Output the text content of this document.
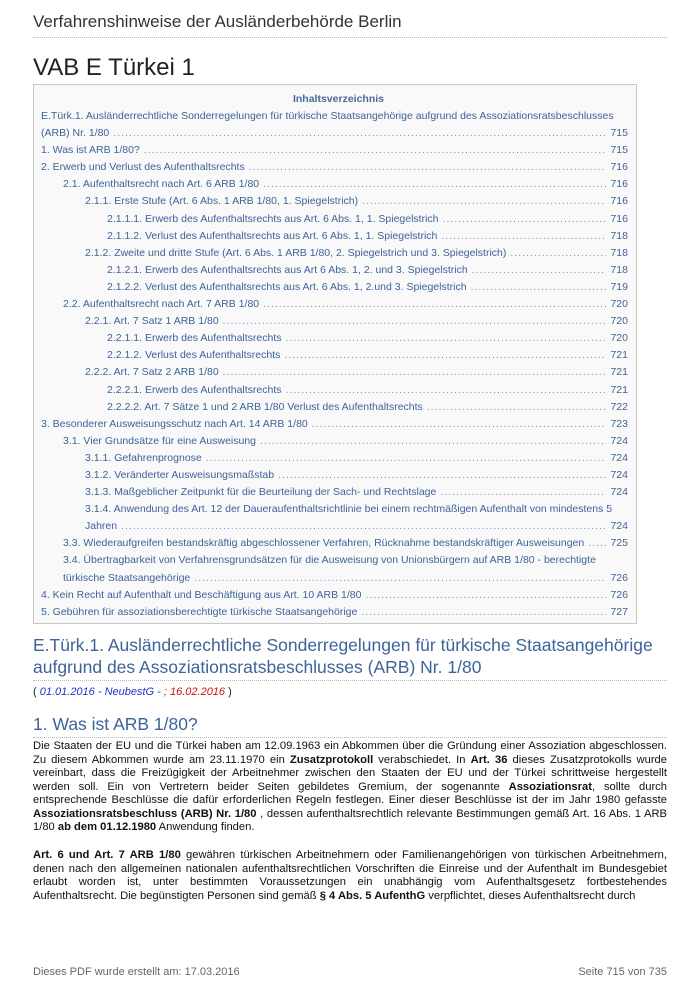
Verfahrenshinweise der Ausländerbehörde Berlin
VAB E Türkei 1
Inhaltsverzeichnis
E.Türk.1. Ausländerrechtliche Sonderregelungen für türkische Staatsangehörige aufgrund des Assoziationsratsbeschlusses
(ARB) Nr. 1/80 .....	715
1. Was ist ARB 1/80? .....	715
2. Erwerb und Verlust des Aufenthaltsrechts .....	716
2.1. Aufenthaltsrecht nach Art. 6 ARB 1/80 .....	716
2.1.1. Erste Stufe (Art. 6 Abs. 1 ARB 1/80, 1. Spiegelstrich) .....	716
2.1.1.1. Erwerb des Aufenthaltsrechts aus Art. 6 Abs. 1, 1. Spiegelstrich .....	716
2.1.1.2. Verlust des Aufenthaltsrechts aus Art. 6 Abs. 1, 1. Spiegelstrich .....	718
2.1.2. Zweite und dritte Stufe (Art. 6 Abs. 1 ARB 1/80, 2. Spiegelstrich und 3. Spiegelstrich) .....	718
2.1.2.1. Erwerb des Aufenthaltsrechts aus Art 6 Abs. 1, 2. und 3. Spiegelstrich .....	718
2.1.2.2. Verlust des Aufenthaltsrechts aus Art. 6 Abs. 1, 2.und 3. Spiegelstrich .....	719
2.2. Aufenthaltsrecht nach Art. 7 ARB 1/80 .....	720
2.2.1. Art. 7 Satz 1 ARB 1/80 .....	720
2.2.1.1. Erwerb des Aufenthaltsrechts .....	720
2.2.1.2. Verlust des Aufenthaltsrechts .....	721
2.2.2. Art. 7 Satz 2 ARB 1/80 .....	721
2.2.2.1. Erwerb des Aufenthaltsrechts .....	721
2.2.2.2. Art. 7 Sätze 1 und 2 ARB 1/80 Verlust des Aufenthaltsrechts .....	722
3. Besonderer Ausweisungsschutz nach Art. 14 ARB 1/80 .....	723
3.1. Vier Grundsätze für eine Ausweisung .....	724
3.1.1. Gefahrenprognose .....	724
3.1.2. Veränderter Ausweisungsmaßstab .....	724
3.1.3. Maßgeblicher Zeitpunkt für die Beurteilung der Sach- und Rechtslage .....	724
3.1.4. Anwendung des Art. 12 der Daueraufenthaltsrichtlinie bei einem rechtmäßigen Aufenthalt von mindestens 5
Jahren .....	724
3.3. Wiederaufgreifen bestandskräftig abgeschlossener Verfahren, Rücknahme bestandskräftiger Ausweisungen ..... 725
3.4. Übertragbarkeit von Verfahrensgrundsätzen für die Ausweisung von Unionsbürgern auf ARB 1/80 - berechtigte
türkische Staatsangehörige .....	726
4. Kein Recht auf Aufenthalt und Beschäftigung aus Art. 10 ARB 1/80 .....	726
5. Gebühren für assoziationsberechtigte türkische Staatsangehörige .....	727
E.Türk.1. Ausländerrechtliche Sonderregelungen für türkische Staatsangehörige aufgrund des Assoziationsratsbeschlusses (ARB) Nr. 1/80
( 01.01.2016 - NeubestG - ; 16.02.2016 )
1. Was ist ARB 1/80?
Die Staaten der EU und die Türkei haben am 12.09.1963 ein Abkommen über die Gründung einer Assoziation abgeschlossen. Zu diesem Abkommen wurde am 23.11.1970 ein Zusatzprotokoll verabschiedet. In Art. 36 dieses Zusatzprotokolls wurde vereinbart, dass die Freizügigkeit der Arbeitnehmer zwischen den Staaten der EU und der Türkei schrittweise hergestellt werden soll. Ein von Vertretern beider Seiten gebildetes Gremium, der sogenannte Assoziationsrat, sollte durch entsprechende Beschlüsse die dafür erforderlichen Regeln festlegen. Einer dieser Beschlüsse ist der im Jahr 1980 gefasste Assoziationsratsbeschluss (ARB) Nr. 1/80 , dessen aufenthaltsrechtlich relevante Bestimmungen gemäß Art. 16 Abs. 1 ARB 1/80 ab dem 01.12.1980 Anwendung finden.
Art. 6 und Art. 7 ARB 1/80 gewähren türkischen Arbeitnehmern oder Familienangehörigen von türkischen Arbeitnehmern, denen nach den allgemeinen nationalen aufenthaltsrechtlichen Vorschriften die Einreise und der Aufenthalt im Bundesgebiet erlaubt worden ist, unter bestimmten Voraussetzungen ein unabhängig vom Aufenthaltsgesetz fortbestehendes Aufenthaltsrecht. Die begünstigten Personen sind gemäß § 4 Abs. 5 AufenthG verpflichtet, dieses Aufenthaltsrecht durch
Dieses PDF wurde erstellt am: 17.03.2016	Seite 715 von 735
